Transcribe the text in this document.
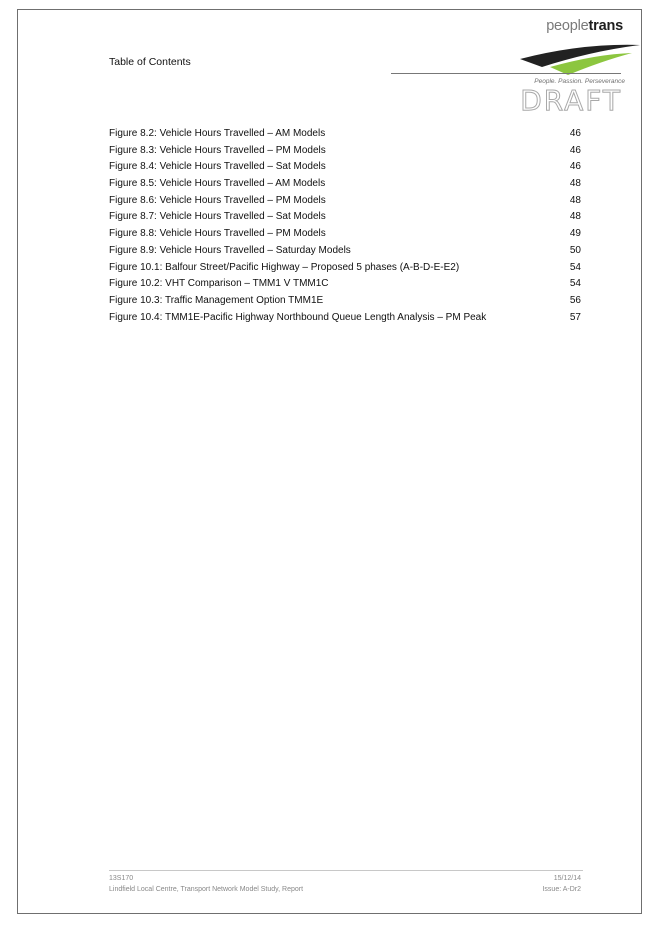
Table of Contents
peopletrans
People. Passion. Perseverance
DRAFT
Figure 8.2: Vehicle Hours Travelled – AM Models	46
Figure 8.3: Vehicle Hours Travelled – PM Models	46
Figure 8.4: Vehicle Hours Travelled – Sat Models	46
Figure 8.5: Vehicle Hours Travelled – AM Models	48
Figure 8.6: Vehicle Hours Travelled – PM Models	48
Figure 8.7: Vehicle Hours Travelled – Sat Models	48
Figure 8.8: Vehicle Hours Travelled – PM Models	49
Figure 8.9: Vehicle Hours Travelled – Saturday Models	50
Figure 10.1: Balfour Street/Pacific Highway – Proposed 5 phases (A-B-D-E-E2)	54
Figure 10.2: VHT Comparison – TMM1 V TMM1C	54
Figure 10.3: Traffic Management Option TMM1E	56
Figure 10.4: TMM1E-Pacific Highway Northbound Queue Length Analysis – PM Peak	57
13S170
Lindfield Local Centre, Transport Network Model Study, Report
15/12/14
Issue: A-Dr2
